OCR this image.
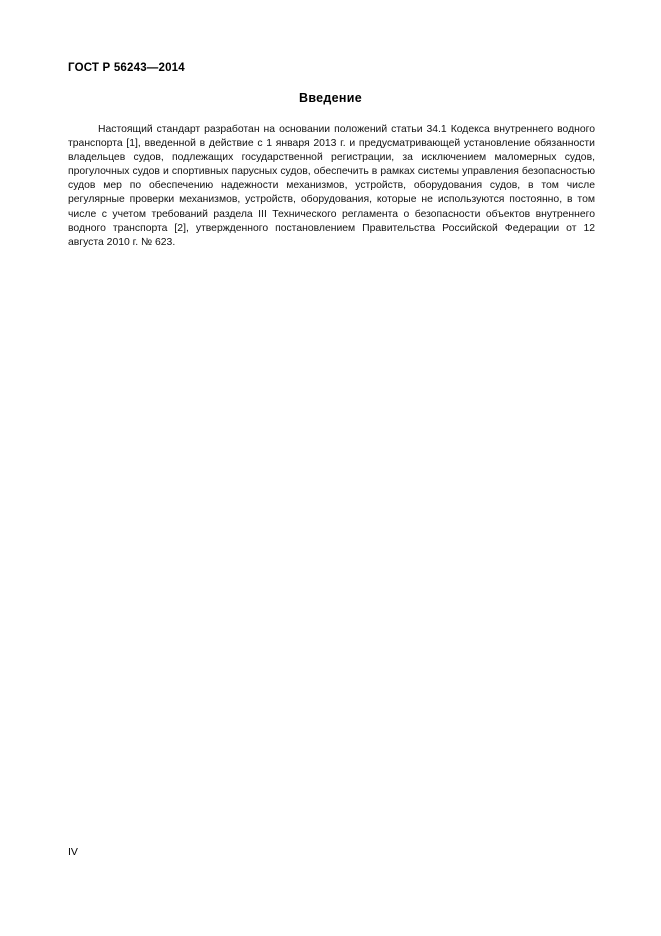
ГОСТ Р 56243—2014
Введение
Настоящий стандарт разработан на основании положений статьи 34.1 Кодекса внутреннего водного транспорта [1], введенной в действие с 1 января 2013 г. и предусматривающей установление обязанности владельцев судов, подлежащих государственной регистрации, за исключением маломерных судов, прогулочных судов и спортивных парусных судов, обеспечить в рамках системы управления безопасностью судов мер по обеспечению надежности механизмов, устройств, оборудования судов, в том числе регулярные проверки механизмов, устройств, оборудования, которые не используются постоянно, в том числе с учетом требований раздела III Технического регламента о безопасности объектов внутреннего водного транспорта [2], утвержденного постановлением Правительства Российской Федерации от 12 августа 2010 г. № 623.
IV
